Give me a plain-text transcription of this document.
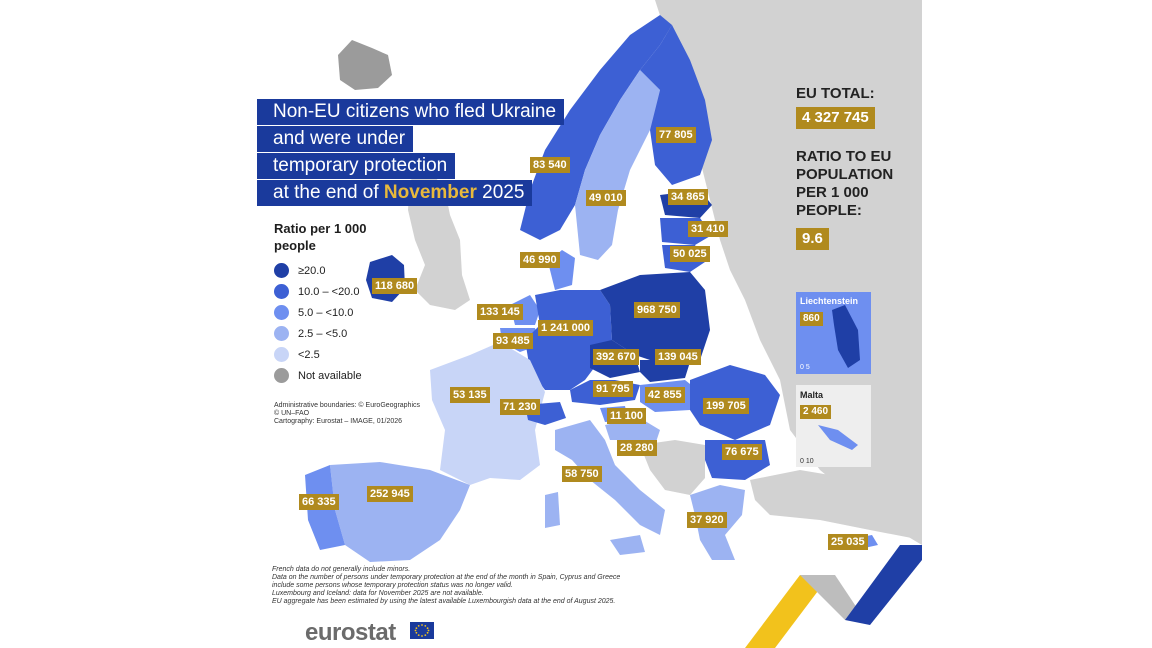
Non-EU citizens who fled Ukraine
and were under
temporary protection
at the end of November 2025
Ratio per 1 000 people
≥20.0
10.0 – <20.0
5.0 – <10.0
2.5 – <5.0
<2.5
Not available
Administrative boundaries: © EuroGeographics
© UN–FAO
Cartography: Eurostat – IMAGE, 01/2026
French data do not generally include minors.
Data on the number of persons under temporary protection at the end of the month in Spain, Cyprus and Greece
include some persons whose temporary protection status was no longer valid.
Luxembourg and Iceland: data for November 2025 are not available.
EU aggregate has been estimated by using the latest available Luxembourgish data at the end of August 2025.
EU TOTAL:
4 327 745
RATIO TO EU
POPULATION
PER 1 000
PEOPLE:
9.6
Liechtenstein
860
0 5
Malta
2 460
0 10
83 540
49 010
77 805
34 865
31 410
50 025
46 990
118 680
133 145
93 485
1 241 000
968 750
392 670 139 045
91 795 42 855
199 705
53 135
71 230
11 100
28 280	76 675
58 750
66 335
252 945
37 920
25 035
eurostat
